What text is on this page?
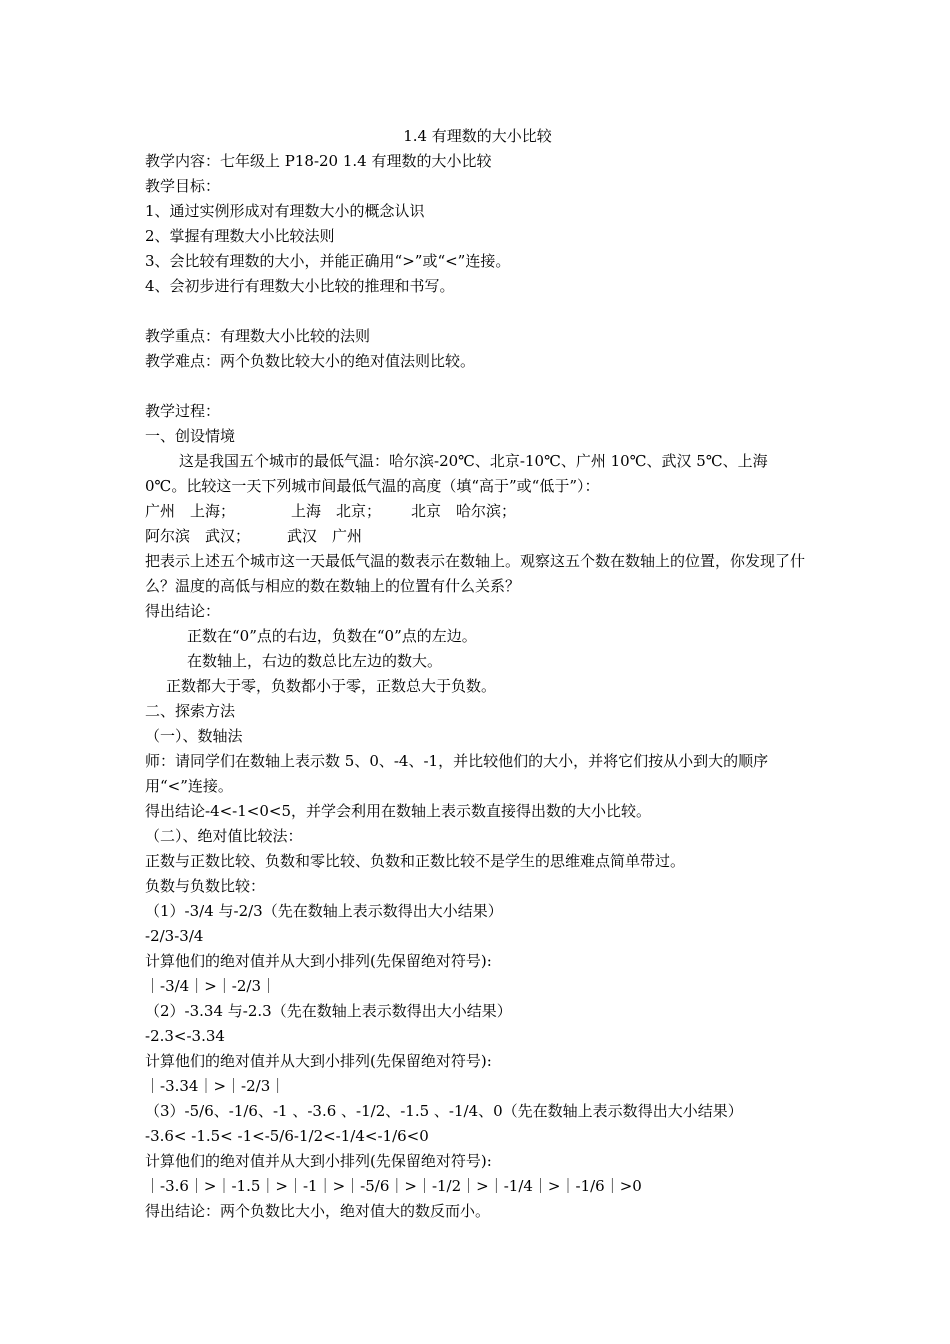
1.4 有理数的大小比较
教学内容：七年级上 P18-20 1.4 有理数的大小比较
教学目标：
1、通过实例形成对有理数大小的概念认识
2、掌握有理数大小比较法则
3、会比较有理数的大小，并能正确用“>”或“<”连接。
4、会初步进行有理数大小比较的推理和书写。
教学重点：有理数大小比较的法则
教学难点：两个负数比较大小的绝对值法则比较。
教学过程：
一、创设情境
这是我国五个城市的最低气温：哈尔滨-20℃、北京-10℃、广州 10℃、武汉 5℃、上海 0℃。比较这一天下列城市间最低气温的高度（填“高于”或“低于”）：
广州　上海；	上海　北京； 北京　哈尔滨；
阿尔滨　武汉； 武汉　广州
把表示上述五个城市这一天最低气温的数表示在数轴上。观察这五个数在数轴上的位置，你发现了什么？温度的高低与相应的数在数轴上的位置有什么关系？
得出结论：
正数在“0”点的右边，负数在“0”点的左边。
在数轴上，右边的数总比左边的数大。
正数都大于零，负数都小于零，正数总大于负数。
二、探索方法
（一）、数轴法
师：请同学们在数轴上表示数 5、0、-4、-1，并比较他们的大小，并将它们按从小到大的顺序用“<”连接。
得出结论-4<-1<0<5，并学会利用在数轴上表示数直接得出数的大小比较。
（二）、绝对值比较法：
正数与正数比较、负数和零比较、负数和正数比较不是学生的思维难点简单带过。
负数与负数比较：
（1）-3/4 与-2/3（先在数轴上表示数得出大小结果）
-2/3-3/4
计算他们的绝对值并从大到小排列(先保留绝对符号):
｜-3/4｜>｜-2/3｜
（2）-3.34 与-2.3（先在数轴上表示数得出大小结果）
-2.3<-3.34
计算他们的绝对值并从大到小排列(先保留绝对符号):
｜-3.34｜>｜-2/3｜
（3）-5/6、-1/6、-1 、-3.6 、-1/2、-1.5 、-1/4、0（先在数轴上表示数得出大小结果）
-3.6< -1.5< -1<-5/6-1/2<-1/4<-1/6<0
计算他们的绝对值并从大到小排列(先保留绝对符号):
｜-3.6｜>｜-1.5｜>｜-1｜>｜-5/6｜>｜-1/2｜>｜-1/4｜>｜-1/6｜>0
得出结论：两个负数比大小，绝对值大的数反而小。
